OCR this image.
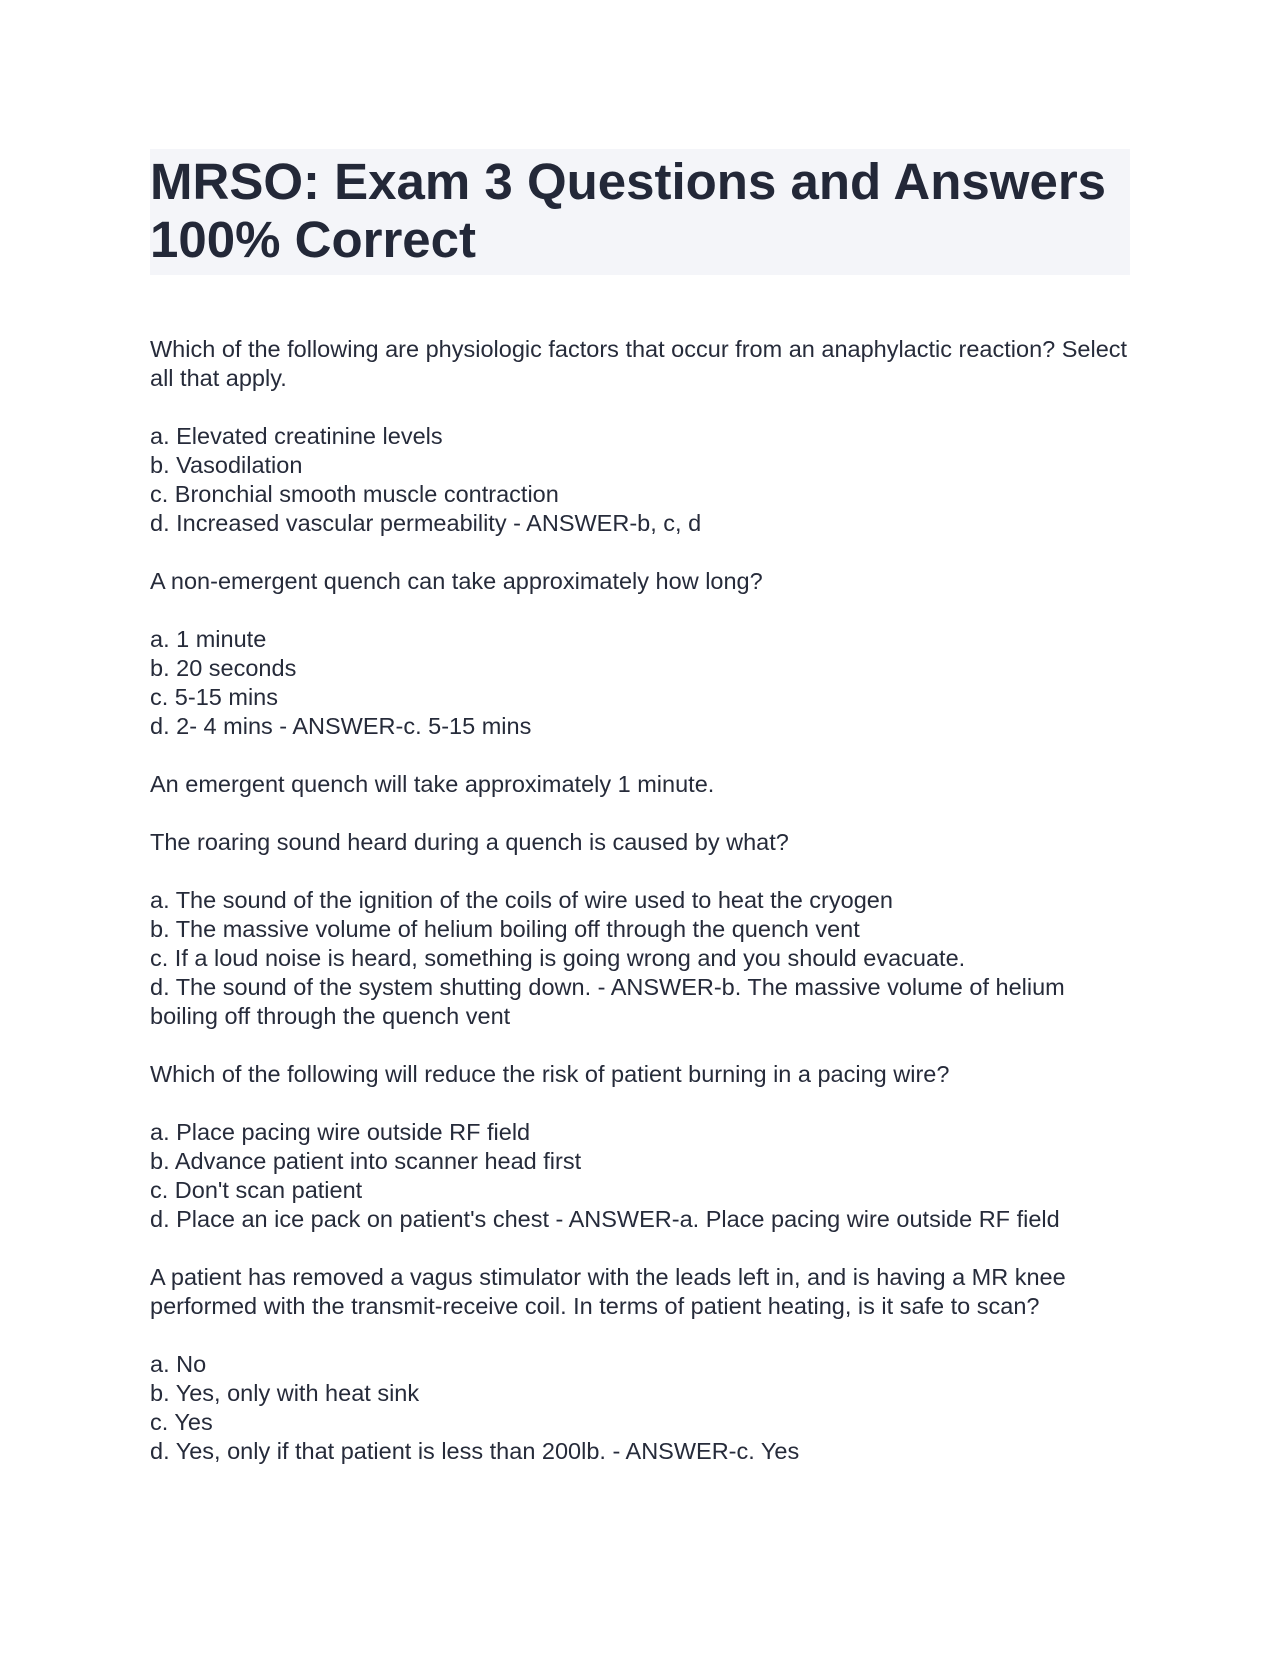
MRSO: Exam 3 Questions and Answers 100% Correct
Which of the following are physiologic factors that occur from an anaphylactic reaction? Select all that apply.
a. Elevated creatinine levels
b. Vasodilation
c. Bronchial smooth muscle contraction
d. Increased vascular permeability - ANSWER-b, c, d
A non-emergent quench can take approximately how long?
a. 1 minute
b. 20 seconds
c. 5-15 mins
d. 2- 4 mins - ANSWER-c. 5-15 mins
An emergent quench will take approximately 1 minute.
The roaring sound heard during a quench is caused by what?
a. The sound of the ignition of the coils of wire used to heat the cryogen
b. The massive volume of helium boiling off through the quench vent
c. If a loud noise is heard, something is going wrong and you should evacuate.
d. The sound of the system shutting down. - ANSWER-b. The massive volume of helium boiling off through the quench vent
Which of the following will reduce the risk of patient burning in a pacing wire?
a. Place pacing wire outside RF field
b. Advance patient into scanner head first
c. Don't scan patient
d. Place an ice pack on patient's chest - ANSWER-a. Place pacing wire outside RF field
A patient has removed a vagus stimulator with the leads left in, and is having a MR knee performed with the transmit-receive coil. In terms of patient heating, is it safe to scan?
a. No
b. Yes, only with heat sink
c. Yes
d. Yes, only if that patient is less than 200lb. - ANSWER-c. Yes
